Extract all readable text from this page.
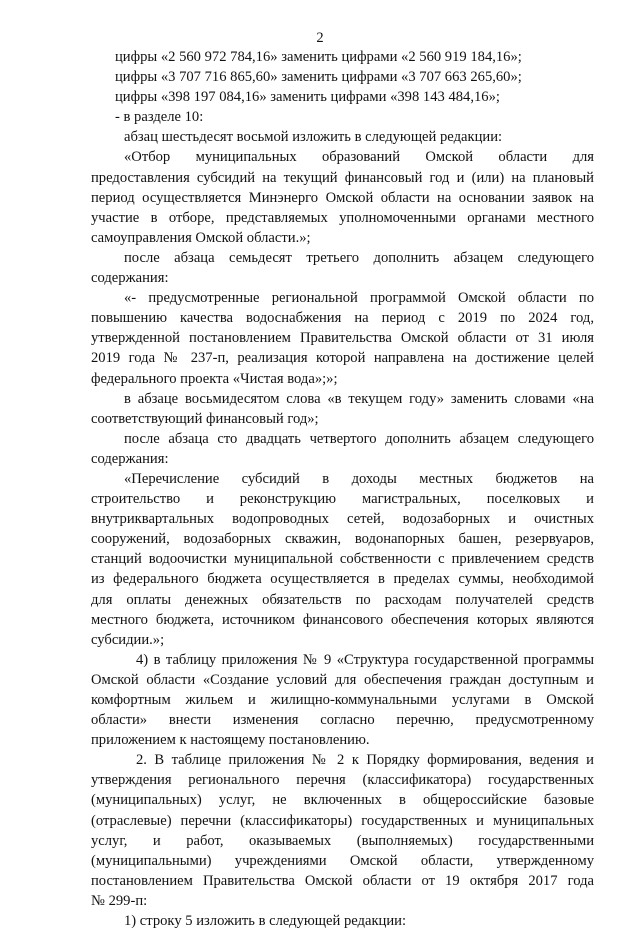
2
цифры «2 560 972 784,16» заменить цифрами «2 560 919 184,16»;
цифры «3 707 716 865,60» заменить цифрами «3 707 663 265,60»;
цифры «398 197 084,16» заменить цифрами «398 143 484,16»;
- в разделе 10:
абзац шестьдесят восьмой изложить в следующей редакции:
«Отбор муниципальных образований Омской области для
предоставления субсидий на текущий финансовый год и (или) на плановый
период осуществляется Минэнерго Омской области на основании заявок на
участие в отборе, представляемых уполномоченными органами местного
самоуправления Омской области.»;
после абзаца семьдесят третьего дополнить абзацем следующего
содержания:
«- предусмотренные региональной программой Омской области по
повышению качества водоснабжения на период с 2019 по 2024 год,
утвержденной постановлением Правительства Омской области от 31 июля
2019 года № 237-п, реализация которой направлена на достижение целей
федерального проекта «Чистая вода»;»;
в абзаце восьмидесятом слова «в текущем году» заменить словами «на
соответствующий финансовый год»;
после абзаца сто двадцать четвертого дополнить абзацем следующего
содержания:
«Перечисление субсидий в доходы местных бюджетов на
строительство и реконструкцию магистральных, поселковых и
внутриквартальных водопроводных сетей, водозаборных и очистных
сооружений, водозаборных скважин, водонапорных башен, резервуаров,
станций водоочистки муниципальной собственности с привлечением средств
из федерального бюджета осуществляется в пределах суммы, необходимой
для оплаты денежных обязательств по расходам получателей средств
местного бюджета, источником финансового обеспечения которых являются
субсидии.»;
4) в таблицу приложения № 9 «Структура государственной программы
Омской области «Создание условий для обеспечения граждан доступным и
комфортным жильем и жилищно-коммунальными услугами в Омской
области» внести изменения согласно перечню, предусмотренному
приложением к настоящему постановлению.
2. В таблице приложения № 2 к Порядку формирования, ведения и
утверждения регионального перечня (классификатора) государственных
(муниципальных) услуг, не включенных в общероссийские базовые
(отраслевые) перечни (классификаторы) государственных и муниципальных
услуг, и работ, оказываемых (выполняемых) государственными
(муниципальными) учреждениями Омской области, утвержденному
постановлением Правительства Омской области от 19 октября 2017 года
№ 299-п:
1) строку 5 изложить в следующей редакции:
